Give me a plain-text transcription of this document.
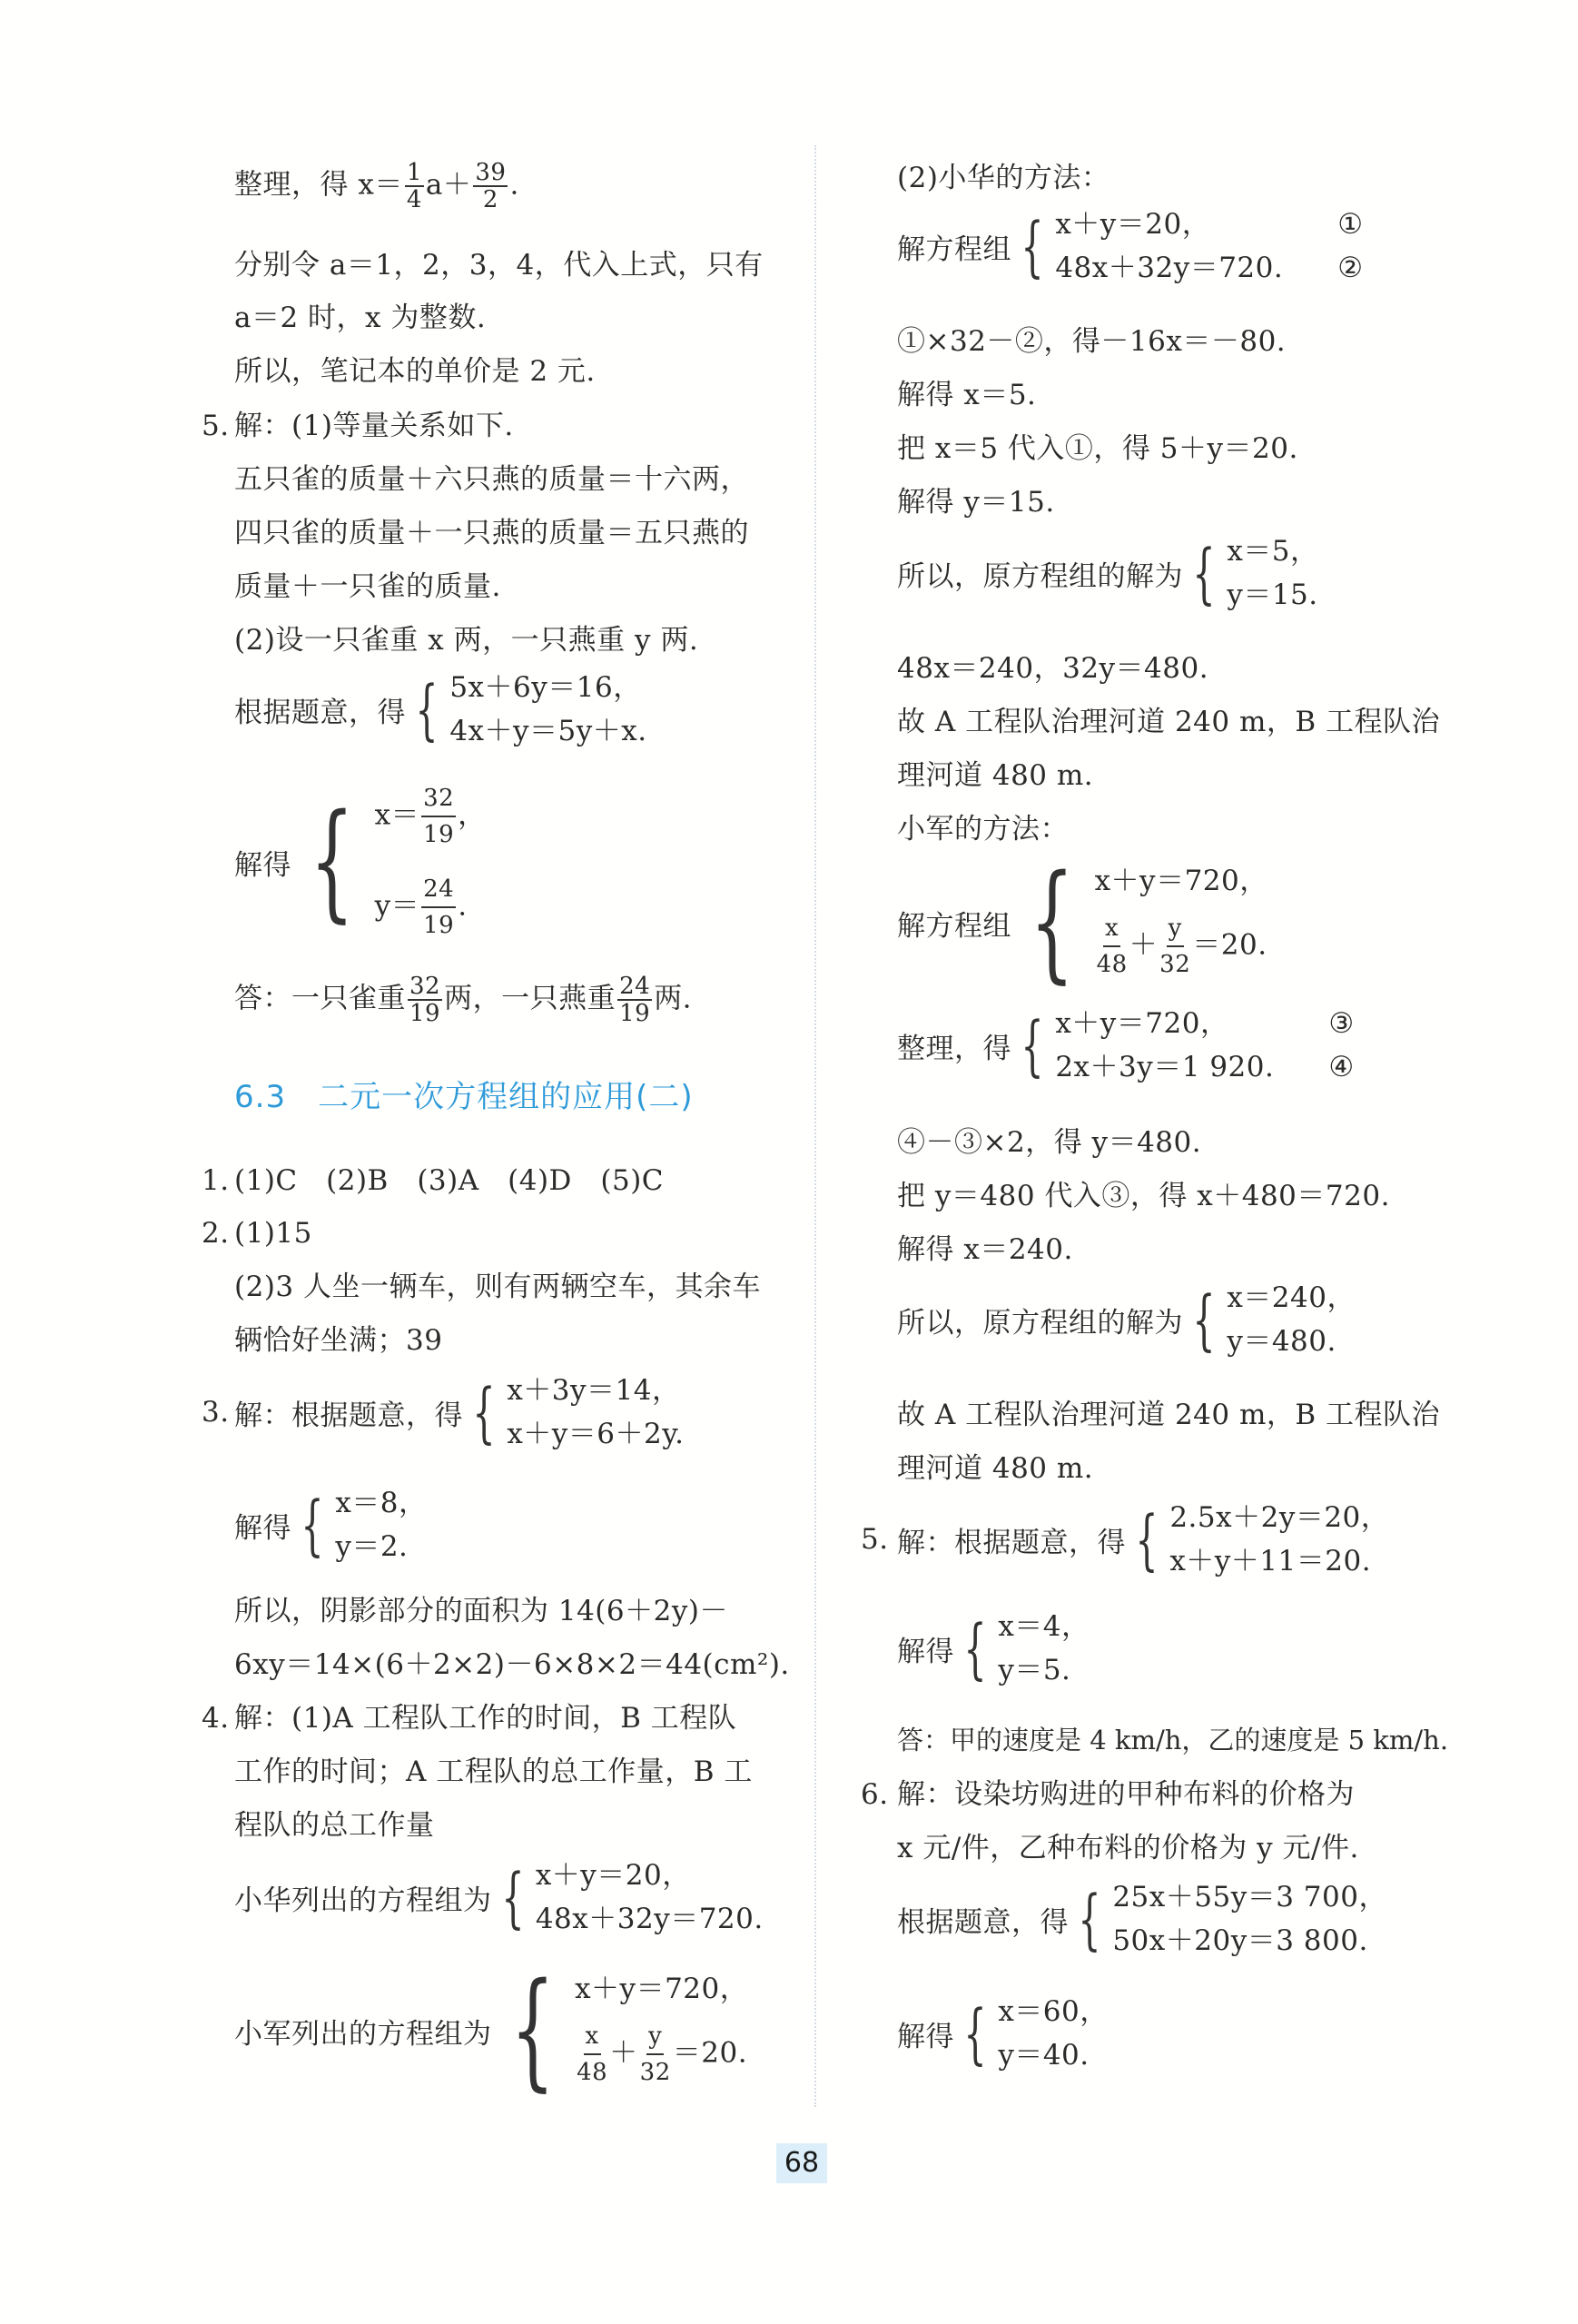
整理，得 $x= \frac{1}{4} a+ \frac{39}{2}$ .
分别令 a＝1，2，3，4，代入上式，只有
a＝2 时，x 为整数.
所以，笔记本的单价是 2 元.
5. 解：(1)等量关系如下.
五只雀的质量＋六只燕的质量＝十六两，
四只雀的质量＋一只燕的质量＝五只燕的
质量＋一只雀的质量.
(2)设一只雀重 x 两，一只燕重 y 两.
根据题意，得 { 5x＋6y＝16，
4x＋y＝5y＋x.
解得 { $x= \frac{32}{19}$ ，
$y= \frac{24}{19}$ .
答：一只雀重 $\frac{32}{19}$ 两，一只燕重 $\frac{24}{19}$ 两.
6.3　二元一次方程组的应用(二)
1. (1)C　(2)B　(3)A　(4)D　(5)C
2. (1)15
(2)3 人坐一辆车，则有两辆空车，其余车
辆恰好坐满；39
3. 解：根据题意，得 { x＋3y＝14，
x＋y＝6＋2y.
解得 { x＝8，
y＝2.
所以，阴影部分的面积为 14(6＋2y)－
6xy＝14×(6＋2×2)－6×8×2＝44(cm²).
4. 解：(1)A 工程队工作的时间，B 工程队
工作的时间；A 工程队的总工作量，B 工
程队的总工作量
小华列出的方程组为 { x＋y＝20，
48x＋32y＝720.
小军列出的方程组为 { x＋y＝720，
$\frac{x}{48} + \frac{y}{32} =20$.
(2)小华的方法：
解方程组 { x＋y＝20，
48x＋32y＝720.
①
②
①×32－②，得－16x＝－80.
解得 x＝5.
把 x＝5 代入①，得 5＋y＝20.
解得 y＝15.
所以，原方程组的解为 { x＝5，
y＝15.
48x＝240，32y＝480.
故 A 工程队治理河道 240 m，B 工程队治
理河道 480 m.
小军的方法：
解方程组 { x＋y＝720，
$\frac{x}{48} + \frac{y}{32} =20$.
整理，得 { x＋y＝720，
2x＋3y＝1 920.
③
④
④－③×2，得 y＝480.
把 y＝480 代入③，得 x＋480＝720.
解得 x＝240.
所以，原方程组的解为 { x＝240，
y＝480.
故 A 工程队治理河道 240 m，B 工程队治
理河道 480 m.
5. 解：根据题意，得 { 2.5x＋2y＝20，
x＋y＋11＝20.
解得 { x＝4，
y＝5.
答：甲的速度是 4 km/h，乙的速度是 5 km/h.
6. 解：设染坊购进的甲种布料的价格为
x 元/件，乙种布料的价格为 y 元/件.
根据题意，得 { 25x＋55y＝3 700，
50x＋20y＝3 800.
解得 { x＝60，
y＝40.
68
